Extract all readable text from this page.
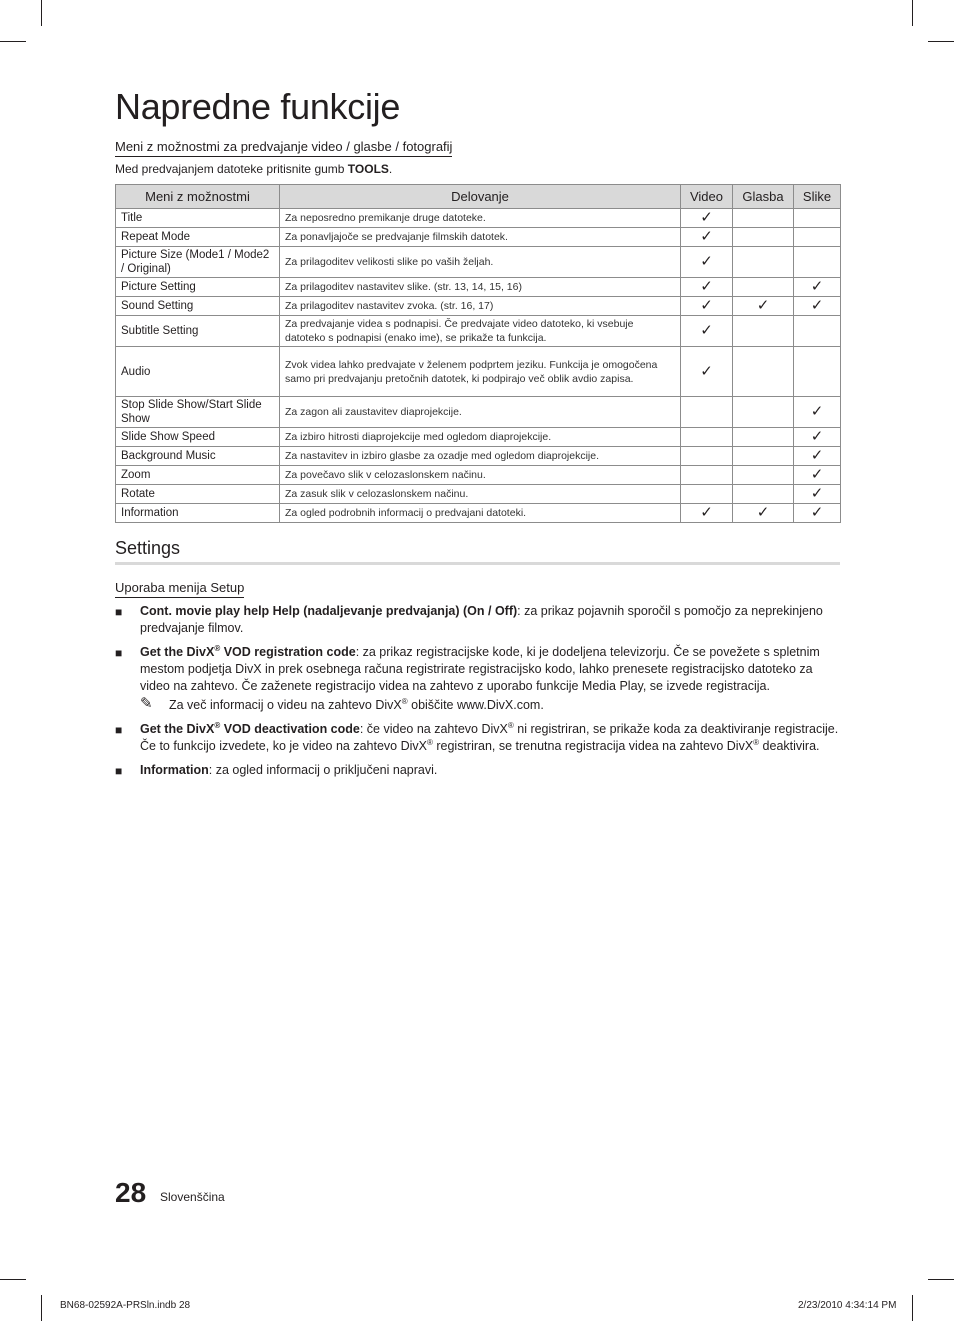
Napredne funkcije
Meni z možnostmi za predvajanje video / glasbe / fotografij
Med predvajanjem datoteke pritisnite gumb TOOLS.
Meni z možnostmi	Delovanje	Video	Glasba	Slike
Title	Za neposredno premikanje druge datoteke.	✓		
Repeat Mode	Za ponavljajoče se predvajanje filmskih datotek.	✓		
Picture Size (Mode1 / Mode2 / Original)	Za prilagoditev velikosti slike po vaših željah.	✓		
Picture Setting	Za prilagoditev nastavitev slike. (str. 13, 14, 15, 16)	✓		✓
Sound Setting	Za prilagoditev nastavitev zvoka. (str. 16, 17)	✓	✓	✓
Subtitle Setting	Za predvajanje videa s podnapisi. Če predvajate video datoteko, ki vsebuje datoteko s podnapisi (enako ime), se prikaže ta funkcija.	✓		
Audio	Zvok videa lahko predvajate v želenem podprtem jeziku. Funkcija je omogočena samo pri predvajanju pretočnih datotek, ki podpirajo več oblik avdio zapisa.	✓		
Stop Slide Show/Start Slide Show	Za zagon ali zaustavitev diaprojekcije.			✓
Slide Show Speed	Za izbiro hitrosti diaprojekcije med ogledom diaprojekcije.			✓
Background Music	Za nastavitev in izbiro glasbe za ozadje med ogledom diaprojekcije.			✓
Zoom	Za povečavo slik v celozaslonskem načinu.			✓
Rotate	Za zasuk slik v celozaslonskem načinu.			✓
Information	Za ogled podrobnih informacij o predvajani datoteki.	✓	✓	✓
Settings
Uporaba menija Setup
■ Cont. movie play help Help (nadaljevanje predvajanja) (On / Off): za prikaz pojavnih sporočil s pomočjo za neprekinjeno predvajanje filmov.
■ Get the DivX® VOD registration code: za prikaz registracijske kode, ki je dodeljena televizorju. Če se povežete s spletnim mestom podjetja DivX in prek osebnega računa registrirate registracijsko kodo, lahko prenesete registracijsko datoteko za video na zahtevo. Če zaženete registracijo videa na zahtevo z uporabo funkcije Media Play, se izvede registracija.
✎ Za več informacij o videu na zahtevo DivX® obiščite www.DivX.com.
■ Get the DivX® VOD deactivation code: če video na zahtevo DivX® ni registriran, se prikaže koda za deaktiviranje registracije. Če to funkcijo izvedete, ko je video na zahtevo DivX® registriran, se trenutna registracija videa na zahtevo DivX® deaktivira.
■ Information: za ogled informacij o priključeni napravi.
28 Slovenščina
BN68-02592A-PRSln.indb 28	2/23/2010 4:34:14 PM
